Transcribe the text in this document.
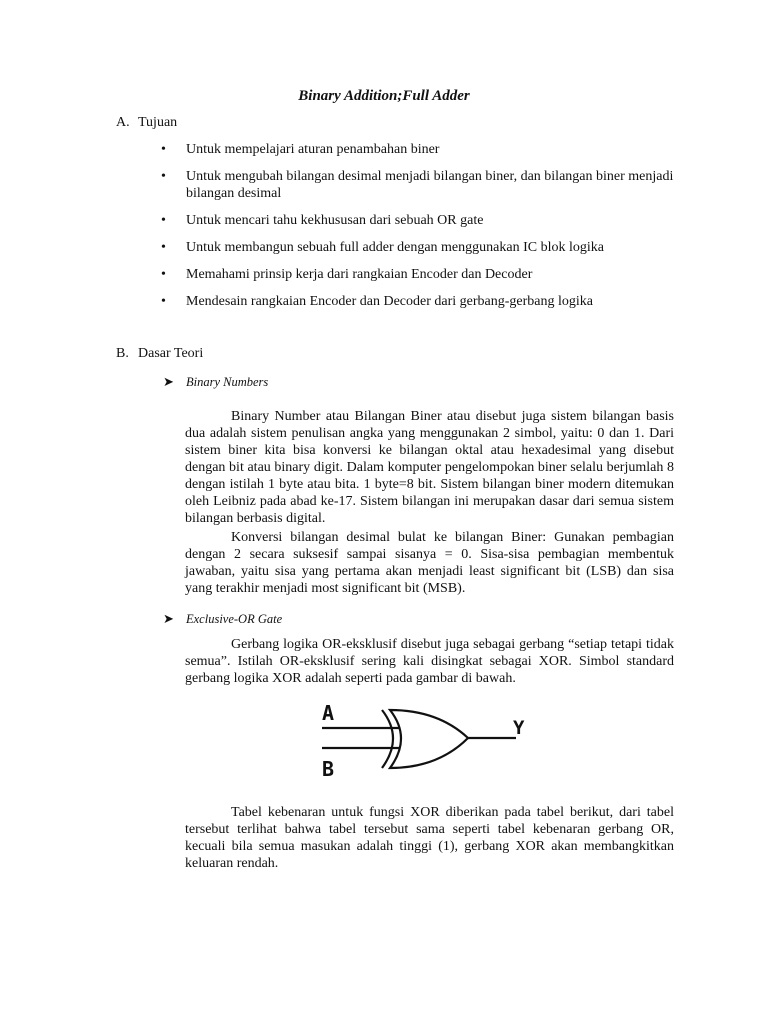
Binary Addition;Full Adder
A. Tujuan
• Untuk mempelajari aturan penambahan biner
• Untuk mengubah bilangan desimal menjadi bilangan biner, dan bilangan biner menjadi bilangan desimal
• Untuk mencari tahu kekhususan dari sebuah OR gate
• Untuk membangun sebuah full adder dengan menggunakan IC blok logika
• Memahami prinsip kerja dari rangkaian Encoder dan Decoder
• Mendesain rangkaian Encoder dan Decoder dari gerbang-gerbang logika
B. Dasar Teori
➤ Binary Numbers

Binary Number atau Bilangan Biner atau disebut juga sistem bilangan basis dua adalah sistem penulisan angka yang menggunakan 2 simbol, yaitu: 0 dan 1. Dari sistem biner kita bisa konversi ke bilangan oktal atau hexadesimal yang disebut dengan bit atau binary digit. Dalam komputer pengelompokan biner selalu berjumlah 8 dengan istilah 1 byte atau bita. 1 byte=8 bit. Sistem bilangan biner modern ditemukan oleh Leibniz pada abad ke-17. Sistem bilangan ini merupakan dasar dari semua sistem bilangan berbasis digital.

Konversi bilangan desimal bulat ke bilangan Biner: Gunakan pembagian dengan 2 secara suksesif sampai sisanya = 0. Sisa-sisa pembagian membentuk jawaban, yaitu sisa yang pertama akan menjadi least significant bit (LSB) dan sisa yang terakhir menjadi most significant bit (MSB).

➤ Exclusive-OR Gate

Gerbang logika OR-eksklusif disebut juga sebagai gerbang “setiap tetapi tidak semua”. Istilah OR-eksklusif sering kali disingkat sebagai XOR. Simbol standard gerbang logika XOR adalah seperti pada gambar di bawah.

A
B
Y

Tabel kebenaran untuk fungsi XOR diberikan pada tabel berikut, dari tabel tersebut terlihat bahwa tabel tersebut sama seperti tabel kebenaran gerbang OR, kecuali bila semua masukan adalah tinggi (1), gerbang XOR akan membangkitkan keluaran rendah.
